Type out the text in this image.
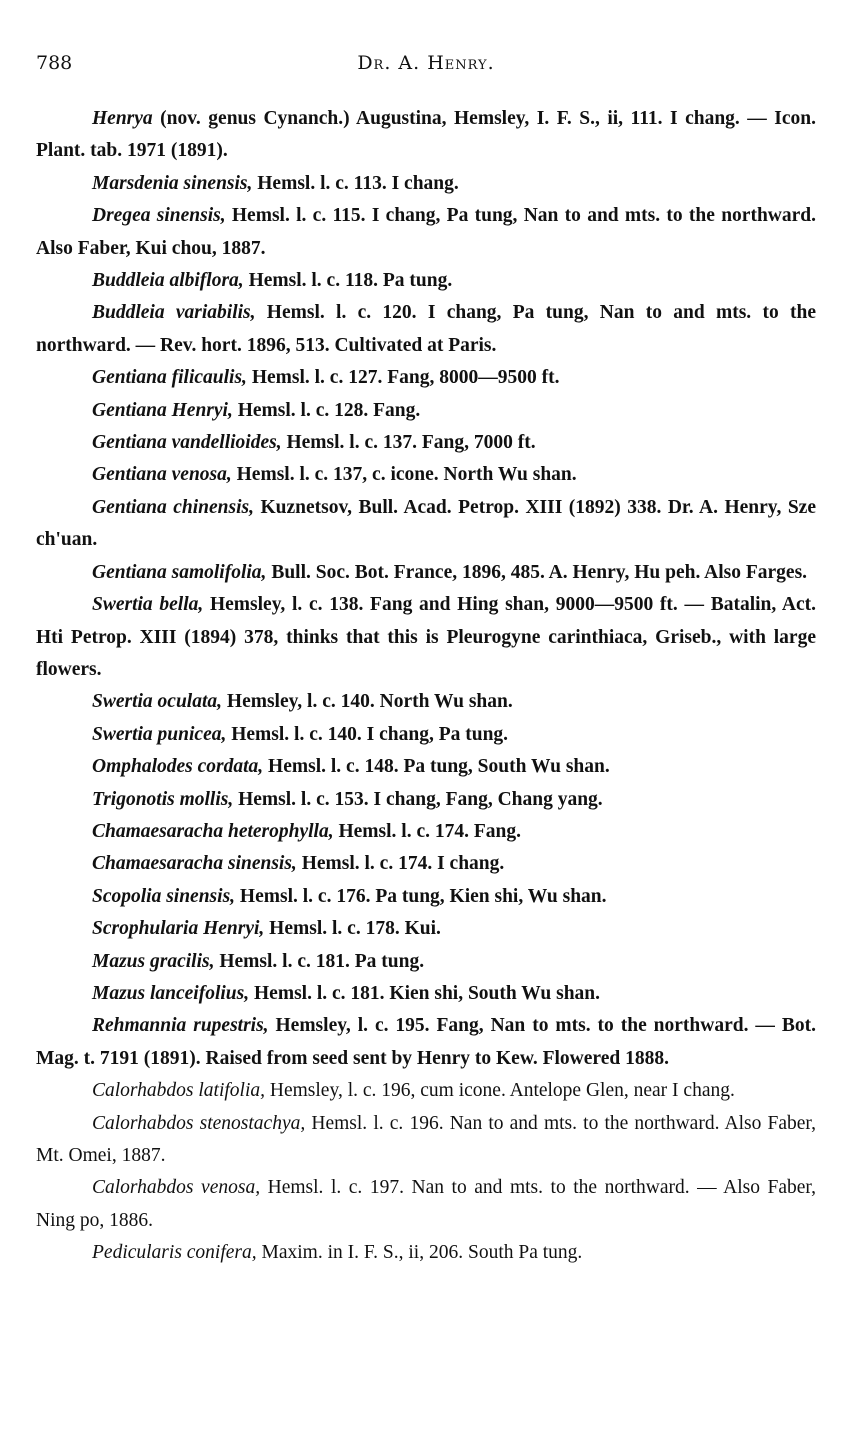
788	Dr. A. Henry.

Henrya (nov. genus Cynanch.) Augustina, Hemsley, I. F. S., ii, 111. I chang. — Icon. Plant. tab. 1971 (1891).

Marsdenia sinensis, Hemsl. l. c. 113. I chang.

Dregea sinensis, Hemsl. l. c. 115. I chang, Pa tung, Nan to and mts. to the northward. Also Faber, Kui chou, 1887.

Buddleia albiflora, Hemsl. l. c. 118. Pa tung.

Buddleia variabilis, Hemsl. l. c. 120. I chang, Pa tung, Nan to and mts. to the northward. — Rev. hort. 1896, 513. Cultivated at Paris.

Gentiana filicaulis, Hemsl. l. c. 127. Fang, 8000—9500 ft.

Gentiana Henryi, Hemsl. l. c. 128. Fang.

Gentiana vandellioides, Hemsl. l. c. 137. Fang, 7000 ft.

Gentiana venosa, Hemsl. l. c. 137, c. icone. North Wu shan.

Gentiana chinensis, Kuznetsov, Bull. Acad. Petrop. XIII (1892) 338. Dr. A. Henry, Sze ch'uan.

Gentiana samolifolia, Bull. Soc. Bot. France, 1896, 485. A. Henry, Hu peh. Also Farges.

Swertia bella, Hemsley, l. c. 138. Fang and Hing shan, 9000—9500 ft. — Batalin, Act. Hti Petrop. XIII (1894) 378, thinks that this is Pleurogyne carinthiaca, Griseb., with large flowers.

Swertia oculata, Hemsley, l. c. 140. North Wu shan.

Swertia punicea, Hemsl. l. c. 140. I chang, Pa tung.

Omphalodes cordata, Hemsl. l. c. 148. Pa tung, South Wu shan.

Trigonotis mollis, Hemsl. l. c. 153. I chang, Fang, Chang yang.

Chamaesaracha heterophylla, Hemsl. l. c. 174. Fang.

Chamaesaracha sinensis, Hemsl. l. c. 174. I chang.

Scopolia sinensis, Hemsl. l. c. 176. Pa tung, Kien shi, Wu shan.

Scrophularia Henryi, Hemsl. l. c. 178. Kui.

Mazus gracilis, Hemsl. l. c. 181. Pa tung.

Mazus lanceifolius, Hemsl. l. c. 181. Kien shi, South Wu shan.

Rehmannia rupestris, Hemsley, l. c. 195. Fang, Nan to mts. to the northward. — Bot. Mag. t. 7191 (1891). Raised from seed sent by Henry to Kew. Flowered 1888.

Calorhabdos latifolia, Hemsley, l. c. 196, cum icone. Antelope Glen, near I chang.

Calorhabdos stenostachya, Hemsl. l. c. 196. Nan to and mts. to the northward. Also Faber, Mt. Omei, 1887.

Calorhabdos venosa, Hemsl. l. c. 197. Nan to and mts. to the northward. — Also Faber, Ning po, 1886.

Pedicularis conifera, Maxim. in I. F. S., ii, 206. South Pa tung.
